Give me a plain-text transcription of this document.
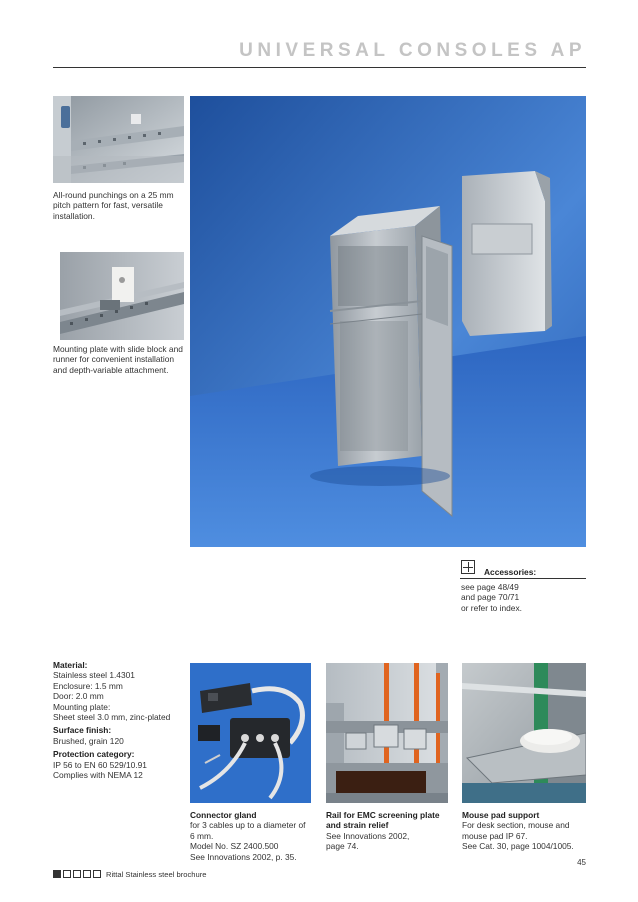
UNIVERSAL CONSOLES AP
All-round punchings on a 25 mm pitch pattern for fast, versatile installation.
Mounting plate with slide block and runner for convenient installation and depth-variable attachment.
Accessories:
see page 48/49
and page 70/71
or refer to index.
Material:
Stainless steel 1.4301
Enclosure: 1.5 mm
Door: 2.0 mm
Mounting plate:
Sheet steel 3.0 mm, zinc-plated
Surface finish:
Brushed, grain 120
Protection category:
IP 56 to EN 60 529/10.91
Complies with NEMA 12
Connector gland
for 3 cables up to a diameter of
6 mm.
Model No. SZ 2400.500
See Innovations 2002, p. 35.
Rail for EMC screening plate and strain relief
See Innovations 2002,
page 74.
Mouse pad support
For desk section, mouse and
mouse pad IP 67.
See Cat. 30, page 1004/1005.
45
Rittal Stainless steel brochure
